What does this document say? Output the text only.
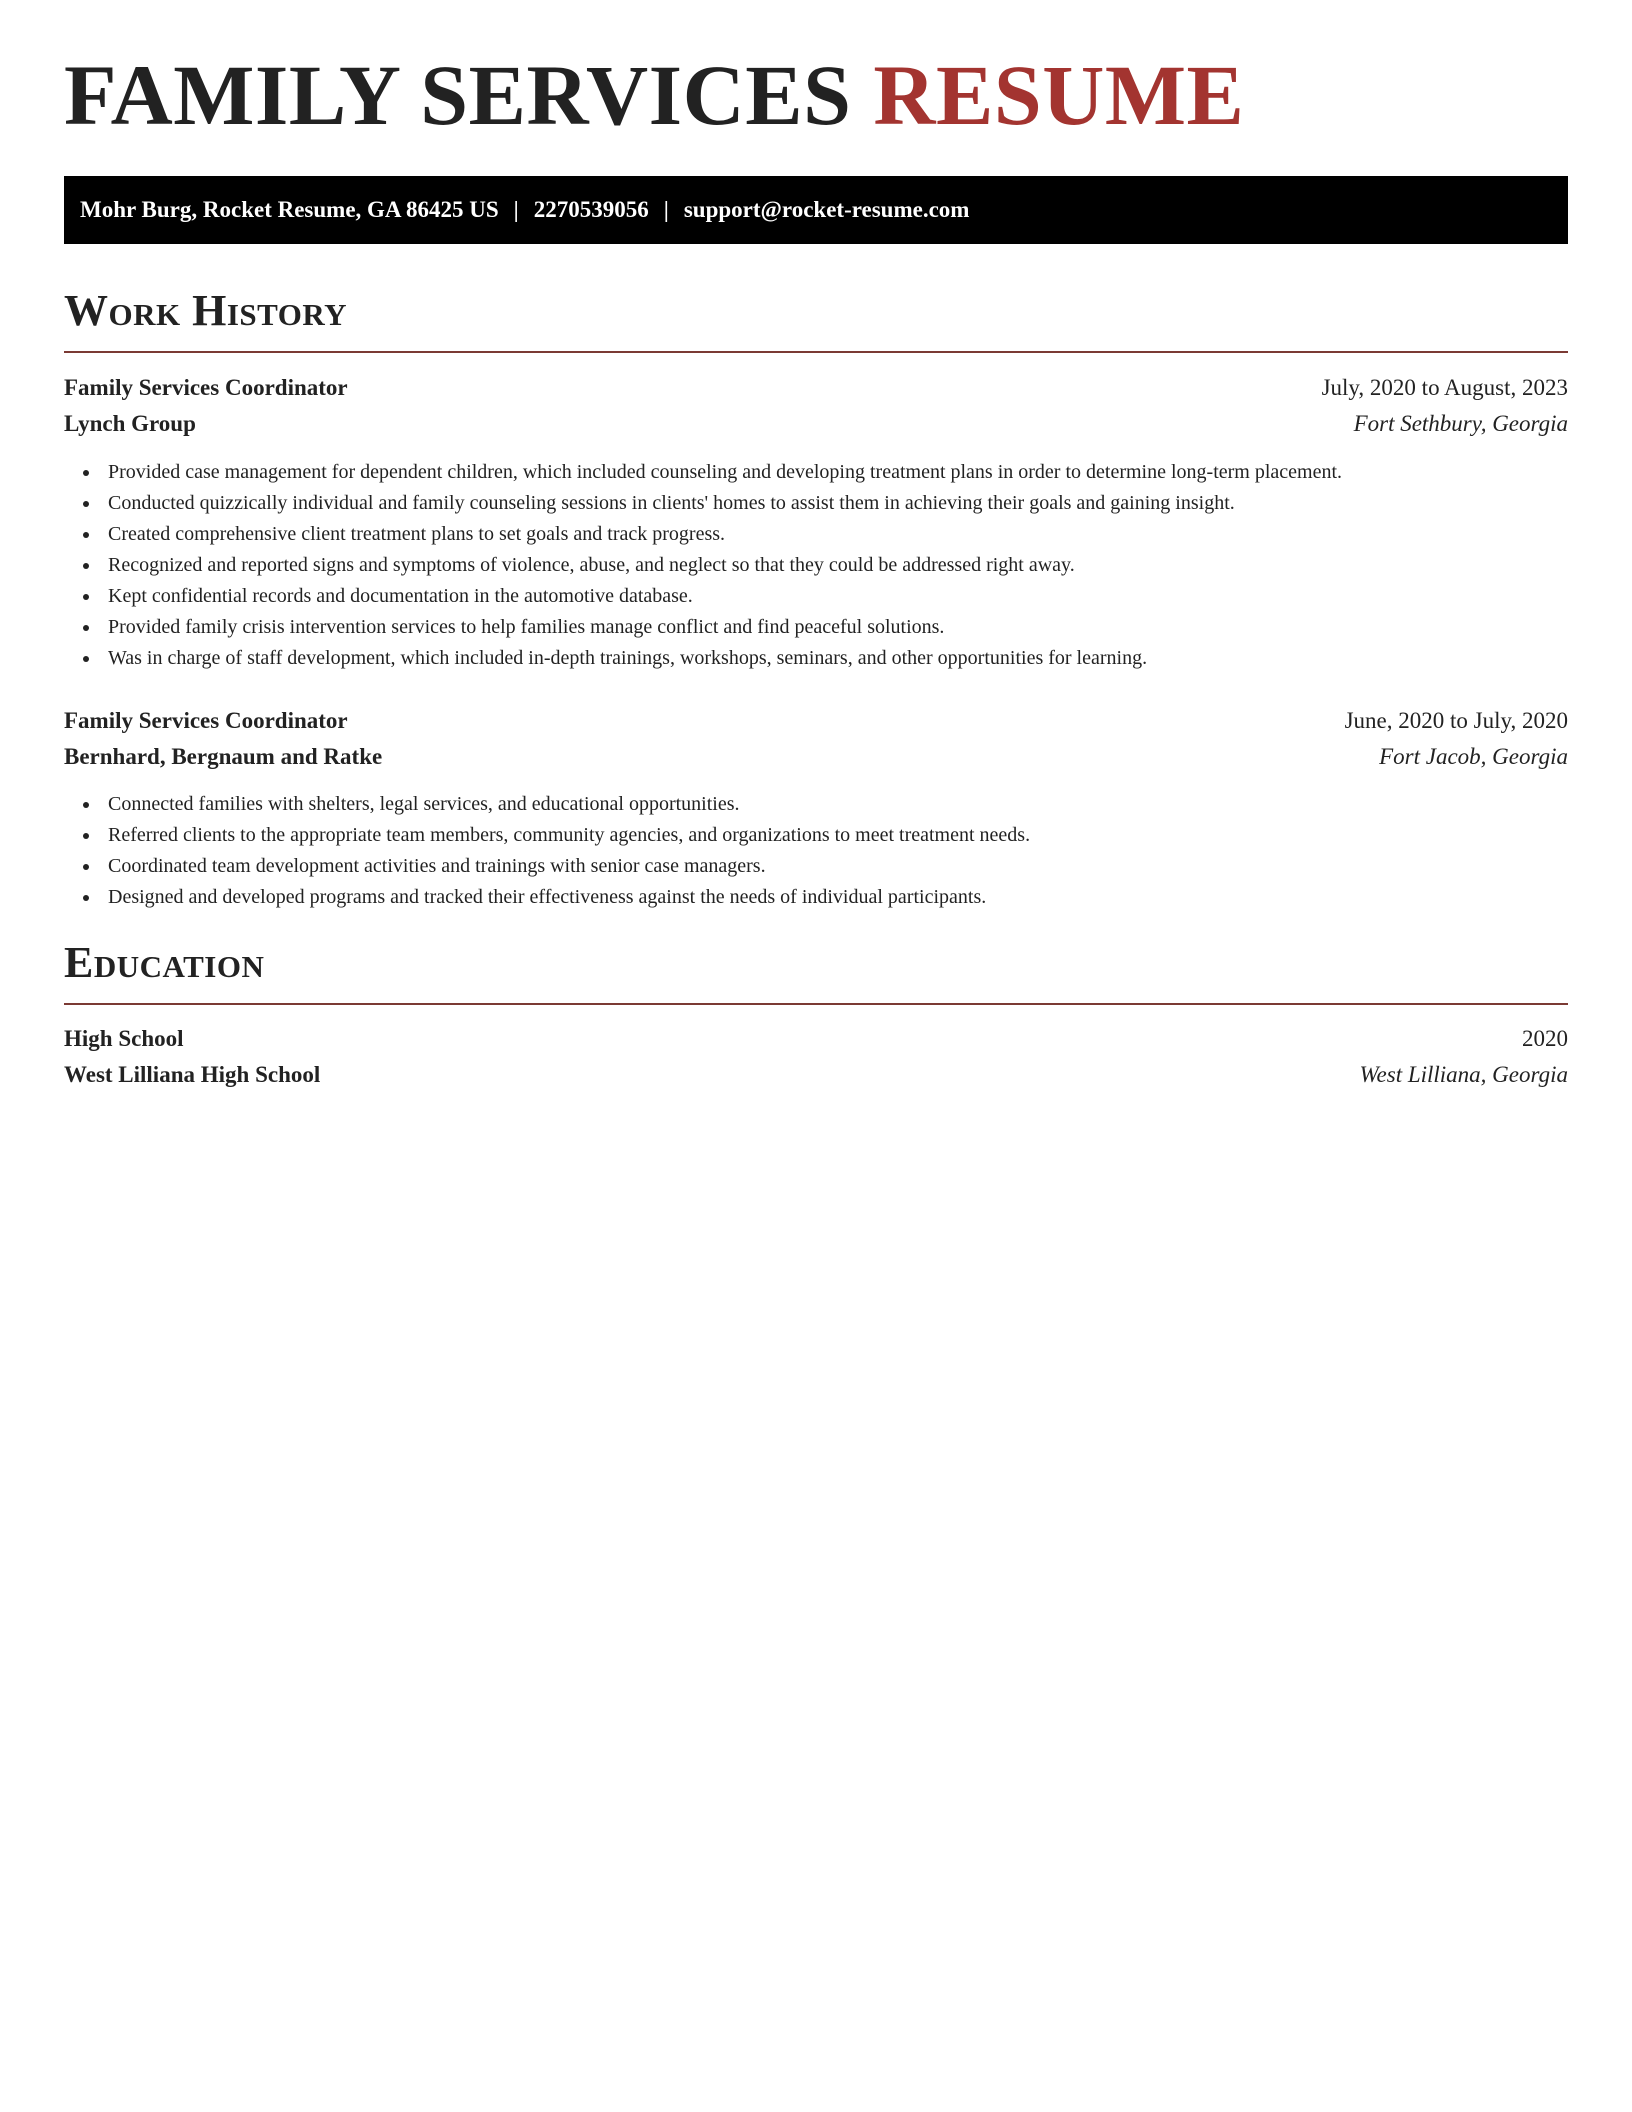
FAMILY SERVICES RESUME
Mohr Burg, Rocket Resume, GA 86425 US | 2270539056 | support@rocket-resume.com
Work History
Family Services Coordinator	July, 2020 to August, 2023
Lynch Group	Fort Sethbury, Georgia
Provided case management for dependent children, which included counseling and developing treatment plans in order to determine long-term placement.
Conducted quizzically individual and family counseling sessions in clients' homes to assist them in achieving their goals and gaining insight.
Created comprehensive client treatment plans to set goals and track progress.
Recognized and reported signs and symptoms of violence, abuse, and neglect so that they could be addressed right away.
Kept confidential records and documentation in the automotive database.
Provided family crisis intervention services to help families manage conflict and find peaceful solutions.
Was in charge of staff development, which included in-depth trainings, workshops, seminars, and other opportunities for learning.
Family Services Coordinator	June, 2020 to July, 2020
Bernhard, Bergnaum and Ratke	Fort Jacob, Georgia
Connected families with shelters, legal services, and educational opportunities.
Referred clients to the appropriate team members, community agencies, and organizations to meet treatment needs.
Coordinated team development activities and trainings with senior case managers.
Designed and developed programs and tracked their effectiveness against the needs of individual participants.
Education
High School	2020
West Lilliana High School	West Lilliana, Georgia
